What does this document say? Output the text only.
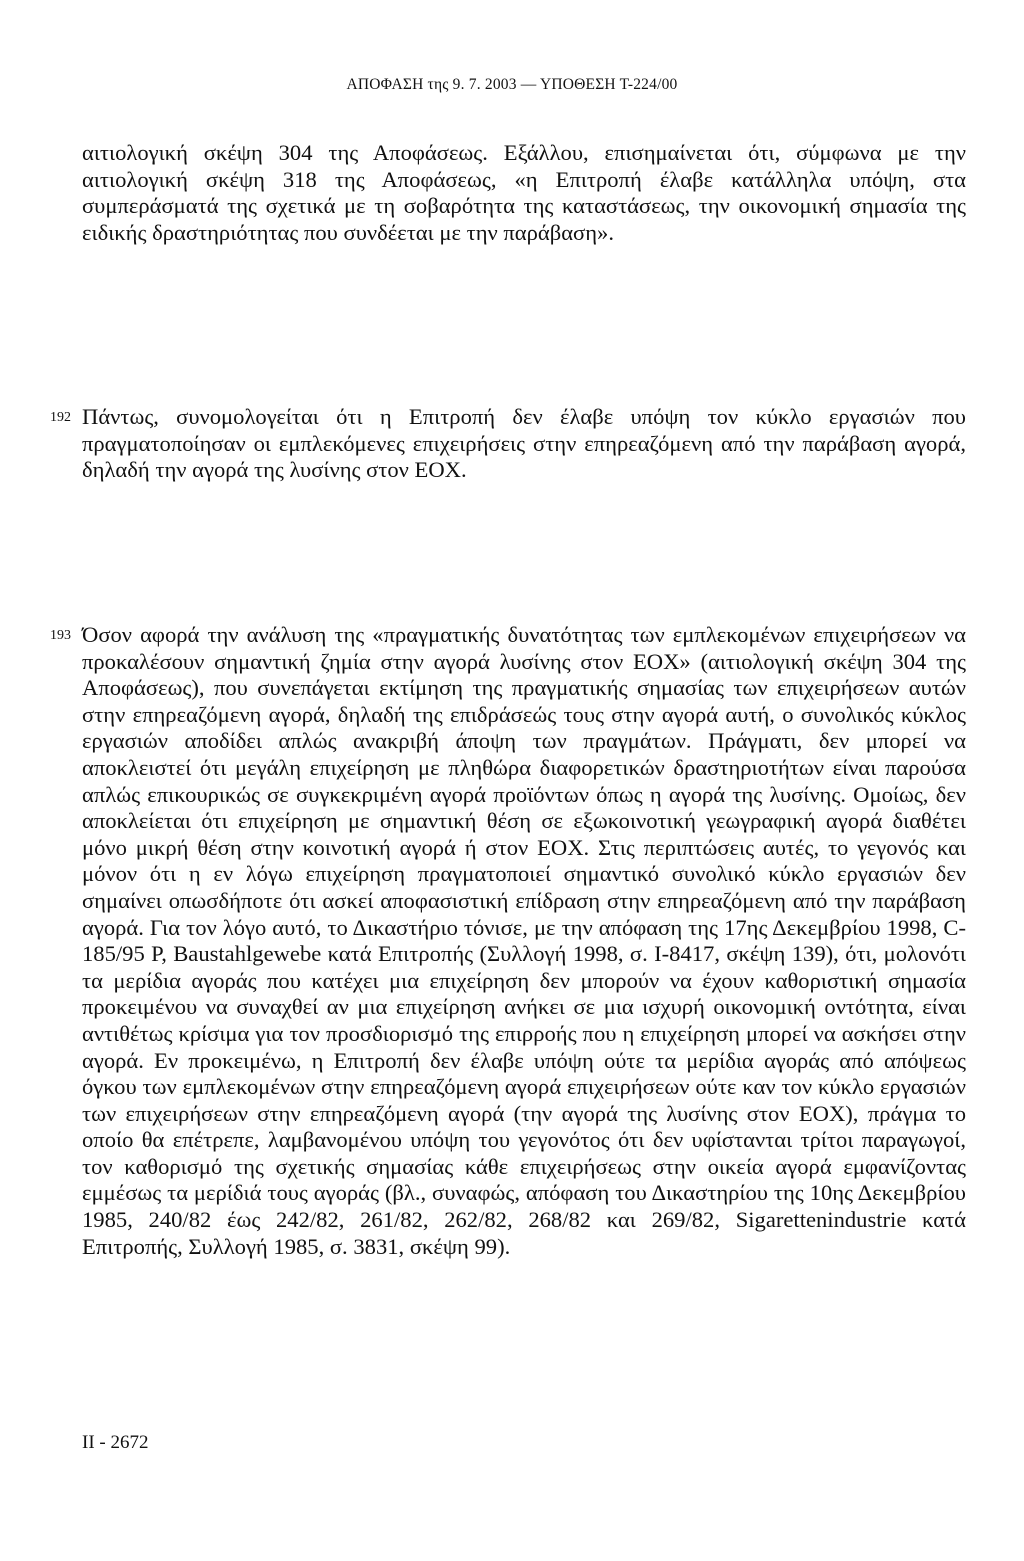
ΑΠΟΦΑΣΗ της 9. 7. 2003 — ΥΠΟΘΕΣΗ Τ-224/00

αιτιολογική σκέψη 304 της Αποφάσεως. Εξάλλου, επισημαίνεται ότι, σύμφωνα με την αιτιολογική σκέψη 318 της Αποφάσεως, «η Επιτροπή έλαβε κατάλληλα υπόψη, στα συμπεράσματά της σχετικά με τη σοβαρότητα της καταστάσεως, την οικονομική σημασία της ειδικής δραστηριότητας που συνδέεται με την παράβαση».

192 Πάντως, συνομολογείται ότι η Επιτροπή δεν έλαβε υπόψη τον κύκλο εργασιών που πραγματοποίησαν οι εμπλεκόμενες επιχειρήσεις στην επηρεαζόμενη από την παράβαση αγορά, δηλαδή την αγορά της λυσίνης στον ΕΟΧ.

193 Όσον αφορά την ανάλυση της «πραγματικής δυνατότητας των εμπλεκομένων επιχειρήσεων να προκαλέσουν σημαντική ζημία στην αγορά λυσίνης στον ΕΟΧ» (αιτιολογική σκέψη 304 της Αποφάσεως), που συνεπάγεται εκτίμηση της πραγματικής σημασίας των επιχειρήσεων αυτών στην επηρεαζόμενη αγορά, δηλαδή της επιδράσεώς τους στην αγορά αυτή, ο συνολικός κύκλος εργασιών αποδίδει απλώς ανακριβή άποψη των πραγμάτων. Πράγματι, δεν μπορεί να αποκλειστεί ότι μεγάλη επιχείρηση με πληθώρα διαφορετικών δραστηριοτήτων είναι παρούσα απλώς επικουρικώς σε συγκεκριμένη αγορά προϊόντων όπως η αγορά της λυσίνης. Ομοίως, δεν αποκλείεται ότι επιχείρηση με σημαντική θέση σε εξωκοινοτική γεωγραφική αγορά διαθέτει μόνο μικρή θέση στην κοινοτική αγορά ή στον ΕΟΧ. Στις περιπτώσεις αυτές, το γεγονός και μόνον ότι η εν λόγω επιχείρηση πραγματοποιεί σημαντικό συνολικό κύκλο εργασιών δεν σημαίνει οπωσδήποτε ότι ασκεί αποφασιστική επίδραση στην επηρεαζόμενη από την παράβαση αγορά. Για τον λόγο αυτό, το Δικαστήριο τόνισε, με την απόφαση της 17ης Δεκεμβρίου 1998, C-185/95 P, Baustahlgewebe κατά Επιτροπής (Συλλογή 1998, σ. I-8417, σκέψη 139), ότι, μολονότι τα μερίδια αγοράς που κατέχει μια επιχείρηση δεν μπορούν να έχουν καθοριστική σημασία προκειμένου να συναχθεί αν μια επιχείρηση ανήκει σε μια ισχυρή οικονομική οντότητα, είναι αντιθέτως κρίσιμα για τον προσδιορισμό της επιρροής που η επιχείρηση μπορεί να ασκήσει στην αγορά. Εν προκειμένω, η Επιτροπή δεν έλαβε υπόψη ούτε τα μερίδια αγοράς από απόψεως όγκου των εμπλεκομένων στην επηρεαζόμενη αγορά επιχειρήσεων ούτε καν τον κύκλο εργασιών των επιχειρήσεων στην επηρεαζόμενη αγορά (την αγορά της λυσίνης στον ΕΟΧ), πράγμα το οποίο θα επέτρεπε, λαμβανομένου υπόψη του γεγονότος ότι δεν υφίστανται τρίτοι παραγωγοί, τον καθορισμό της σχετικής σημασίας κάθε επιχειρήσεως στην οικεία αγορά εμφανίζοντας εμμέσως τα μερίδιά τους αγοράς (βλ., συναφώς, απόφαση του Δικαστηρίου της 10ης Δεκεμβρίου 1985, 240/82 έως 242/82, 261/82, 262/82, 268/82 και 269/82, Sigarettenindustrie κατά Επιτροπής, Συλλογή 1985, σ. 3831, σκέψη 99).

II - 2672
